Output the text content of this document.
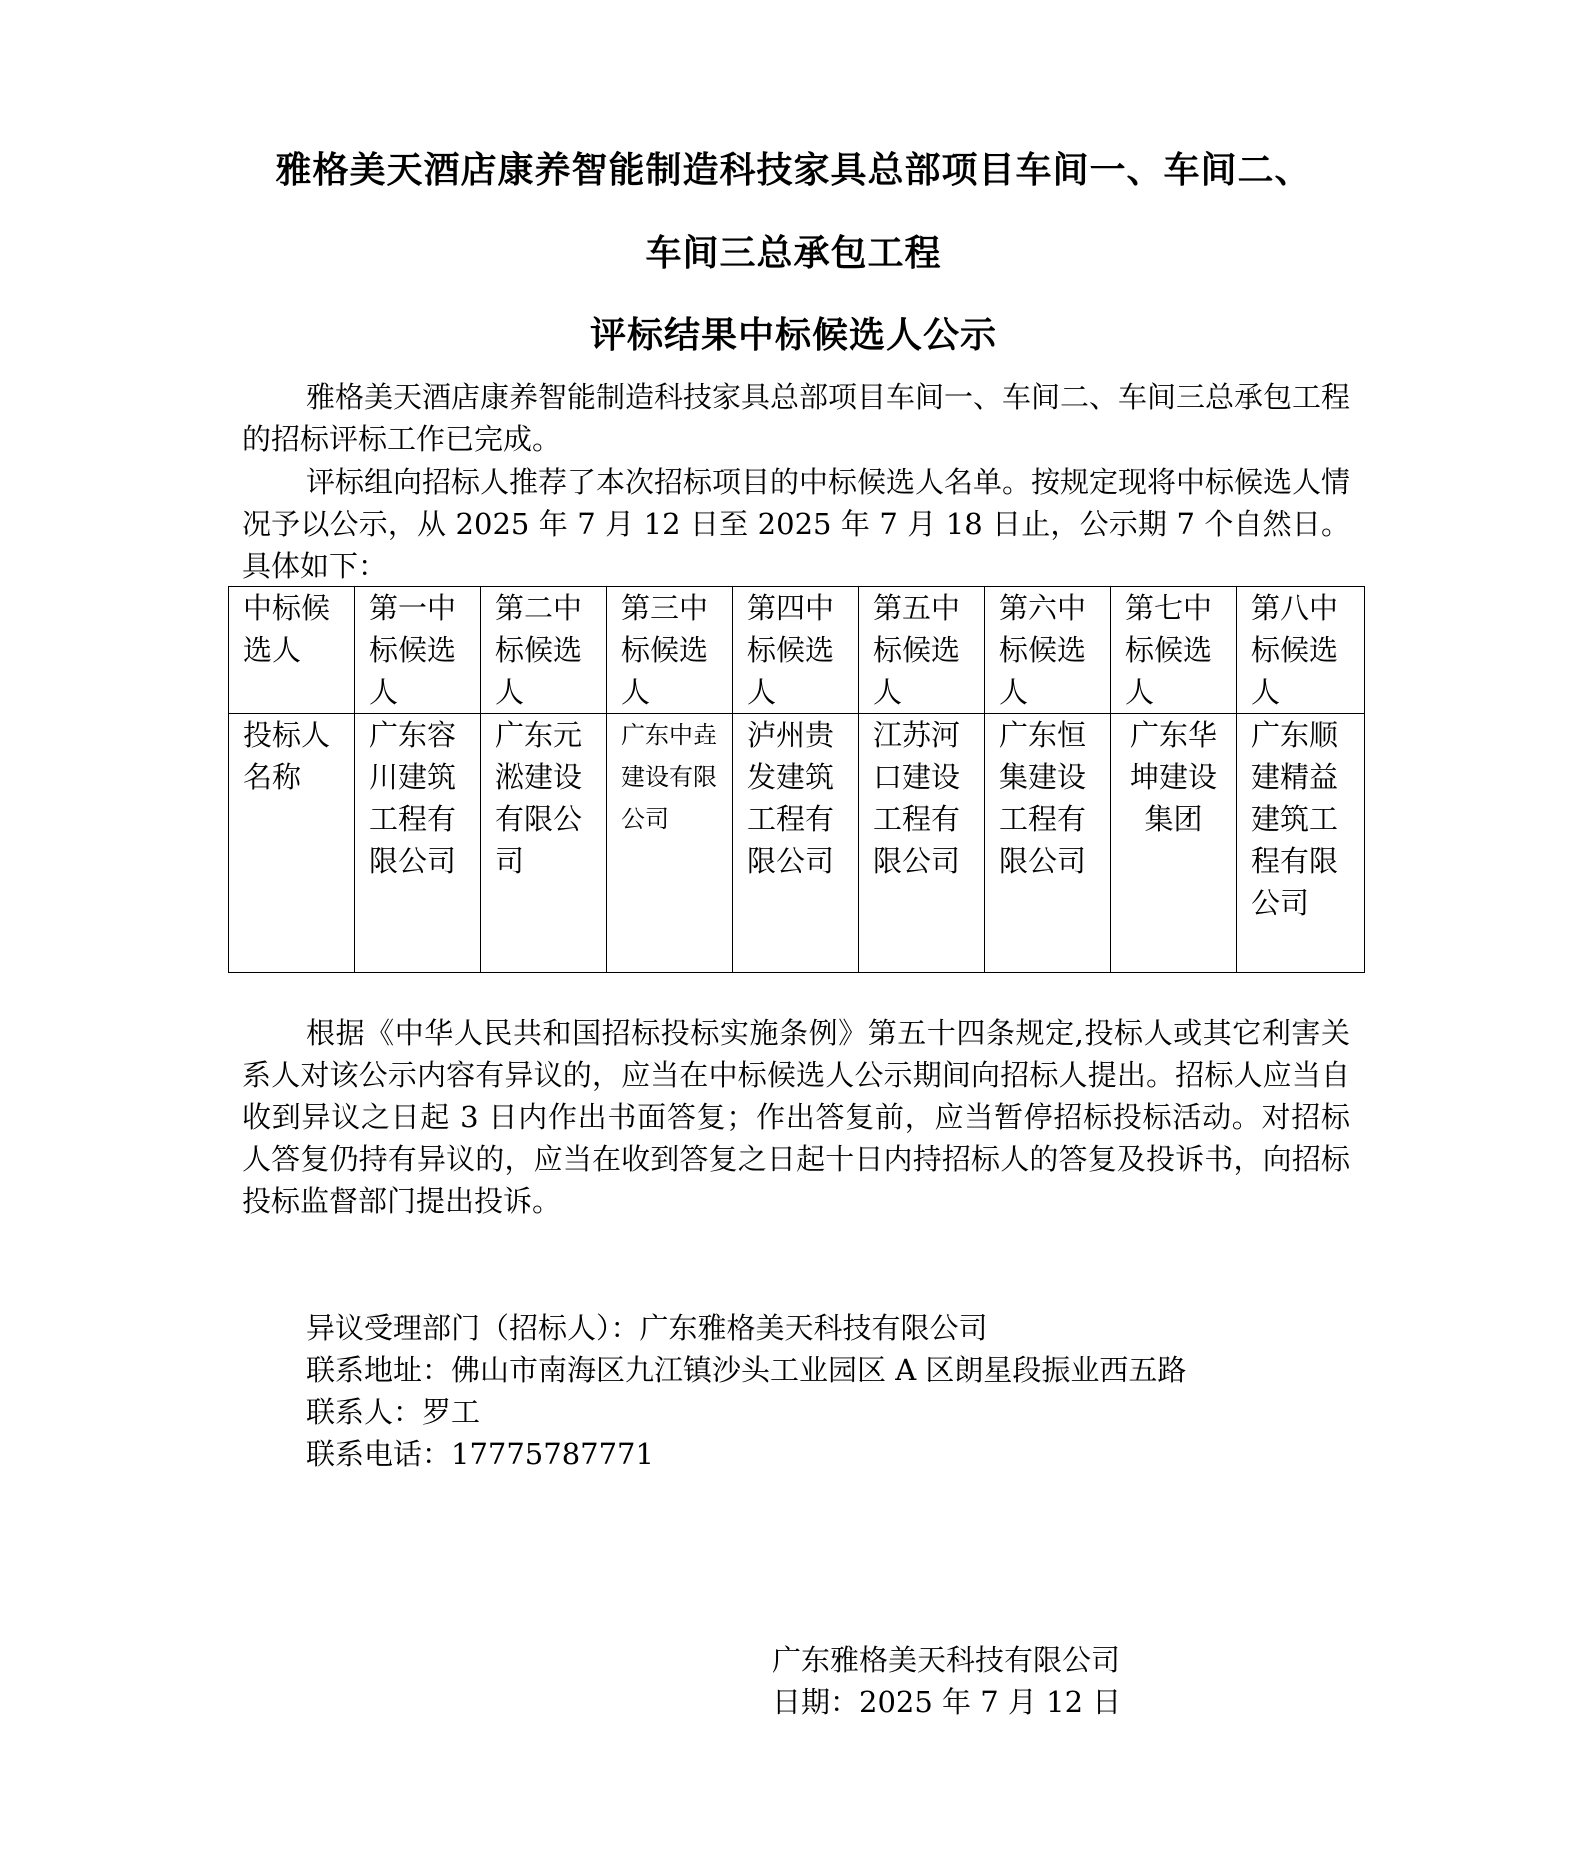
雅格美天酒店康养智能制造科技家具总部项目车间一、车间二、
车间三总承包工程
评标结果中标候选人公示

雅格美天酒店康养智能制造科技家具总部项目车间一、车间二、车间三总承包工程的招标评标工作已完成。

评标组向招标人推荐了本次招标项目的中标候选人名单。按规定现将中标候选人情况予以公示，从 2025 年 7 月 12 日至 2025 年 7 月 18 日止，公示期 7 个自然日。具体如下：

中标候选人	第一中标候选人	第二中标候选人	第三中标候选人	第四中标候选人	第五中标候选人	第六中标候选人	第七中标候选人	第八中标候选人
投标人名称	广东容川建筑工程有限公司	广东元淞建设有限公司	广东中垚建设有限公司	泸州贵发建筑工程有限公司	江苏河口建设工程有限公司	广东恒集建设工程有限公司	广东华坤建设集团	广东顺建精益建筑工程有限公司

根据《中华人民共和国招标投标实施条例》第五十四条规定,投标人或其它利害关系人对该公示内容有异议的，应当在中标候选人公示期间向招标人提出。招标人应当自收到异议之日起 3 日内作出书面答复；作出答复前，应当暂停招标投标活动。对招标人答复仍持有异议的，应当在收到答复之日起十日内持招标人的答复及投诉书，向招标投标监督部门提出投诉。

异议受理部门（招标人）：广东雅格美天科技有限公司
联系地址：佛山市南海区九江镇沙头工业园区 A 区朗星段振业西五路
联系人：罗工
联系电话：17775787771
广东雅格美天科技有限公司
日期：2025 年 7 月 12 日
